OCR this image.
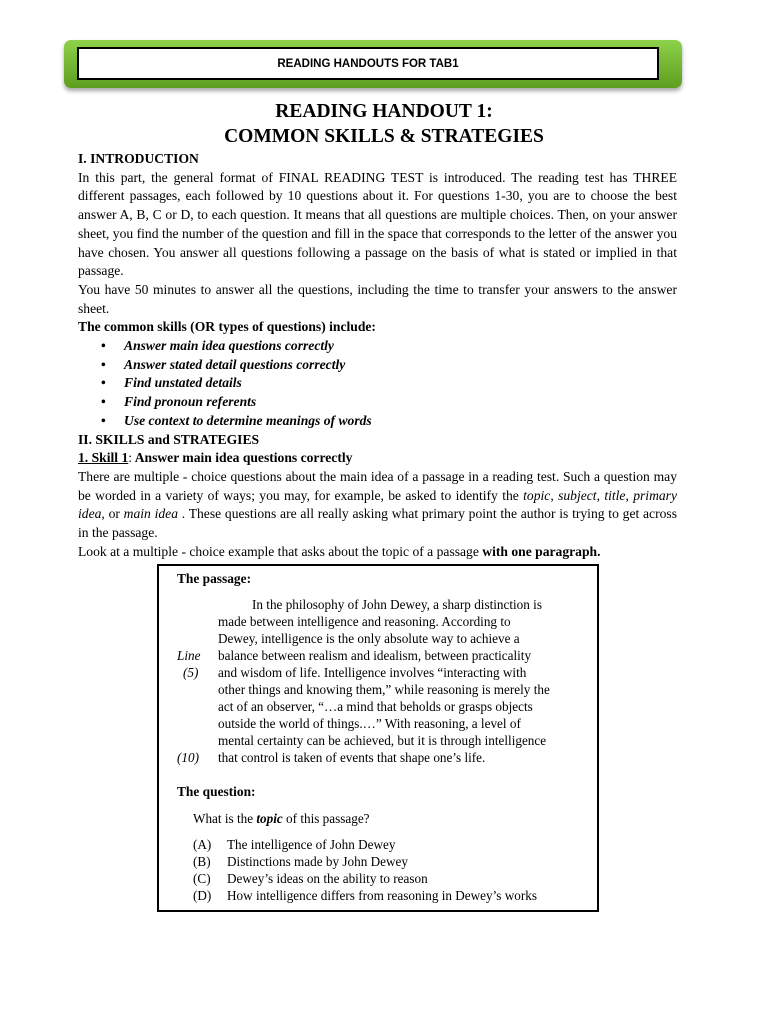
READING HANDOUTS FOR TAB1
READING HANDOUT 1:
COMMON SKILLS & STRATEGIES

I. INTRODUCTION

In this part, the general format of FINAL READING TEST is introduced. The reading test has THREE different passages, each followed by 10 questions about it. For questions 1-30, you are to choose the best answer A, B, C or D, to each question. It means that all questions are multiple choices. Then, on your answer sheet, you find the number of the question and fill in the space that corresponds to the letter of the answer you have chosen. You answer all questions following a passage on the basis of what is stated or implied in that passage.

You have 50 minutes to answer all the questions, including the time to transfer your answers to the answer sheet.

The common skills (OR types of questions) include:

• Answer main idea questions correctly
• Answer stated detail questions correctly
• Find unstated details
• Find pronoun referents
• Use context to determine meanings of words

II. SKILLS and STRATEGIES

1. Skill 1: Answer main idea questions correctly

There are multiple - choice questions about the main idea of a passage in a reading test. Such a question may be worded in a variety of ways; you may, for example, be asked to identify the topic, subject, title, primary idea, or main idea . These questions are all really asking what primary point the author is trying to get across in the passage.

Look at a multiple - choice example that asks about the topic of a passage with one paragraph.

The passage:
In the philosophy of John Dewey, a sharp distinction is
made between intelligence and reasoning. According to
Dewey, intelligence is the only absolute way to achieve a
balance between realism and idealism, between practicality
and wisdom of life. Intelligence involves “interacting with
other things and knowing them,” while reasoning is merely the
act of an observer, “…a mind that beholds or grasps objects
outside the world of things.…” With reasoning, a level of
mental certainty can be achieved, but it is through intelligence
that control is taken of events that shape one’s life.
Line
(5)
(10)
The question:
What is the topic of this passage?
(A)	The intelligence of John Dewey
(B)	Distinctions made by John Dewey
(C)	Dewey’s ideas on the ability to reason
(D)	How intelligence differs from reasoning in Dewey’s works
